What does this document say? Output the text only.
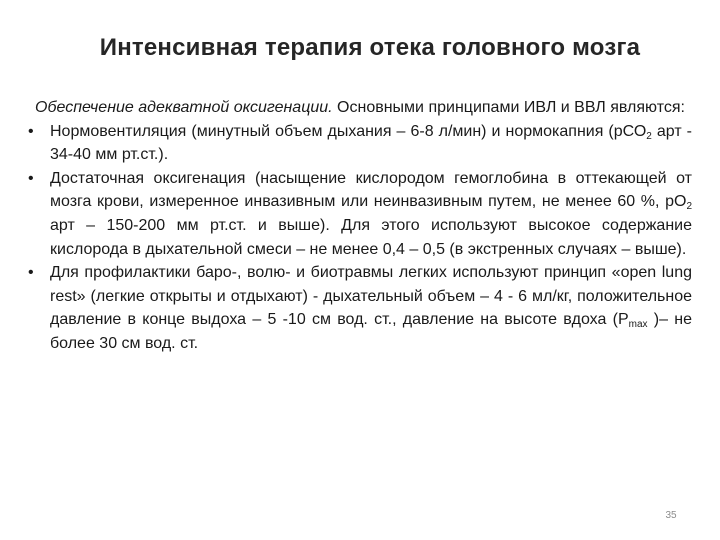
Интенсивная терапия отека головного мозга
Обеспечение адекватной оксигенации. Основными принципами ИВЛ и ВВЛ являются:
•	Нормовентиляция (минутный объем дыхания – 6-8 л/мин) и нормокапния (рСО$_2$ арт - 34-40 мм рт.ст.).
•	Достаточная оксигенация (насыщение кислородом гемоглобина в оттекающей от мозга крови, измеренное инвазивным или неинвазивным путем, не менее 60 %, $рО_2$ арт – 150-200 мм рт.ст. и выше). Для этого используют высокое содержание кислорода в дыхательной смеси – не менее 0,4 – 0,5 (в экстренных случаях – выше).
•	Для профилактики баро-, волю- и биотравмы легких используют принцип «open lung rest» (легкие открыты и отдыхают) - дыхательный объем – 4 - 6 мл/кг, положительное давление в конце выдоха – 5 -10 см вод. ст., давление на высоте вдоха ($P_{max}$ )– не более 30 см вод. ст.
35
